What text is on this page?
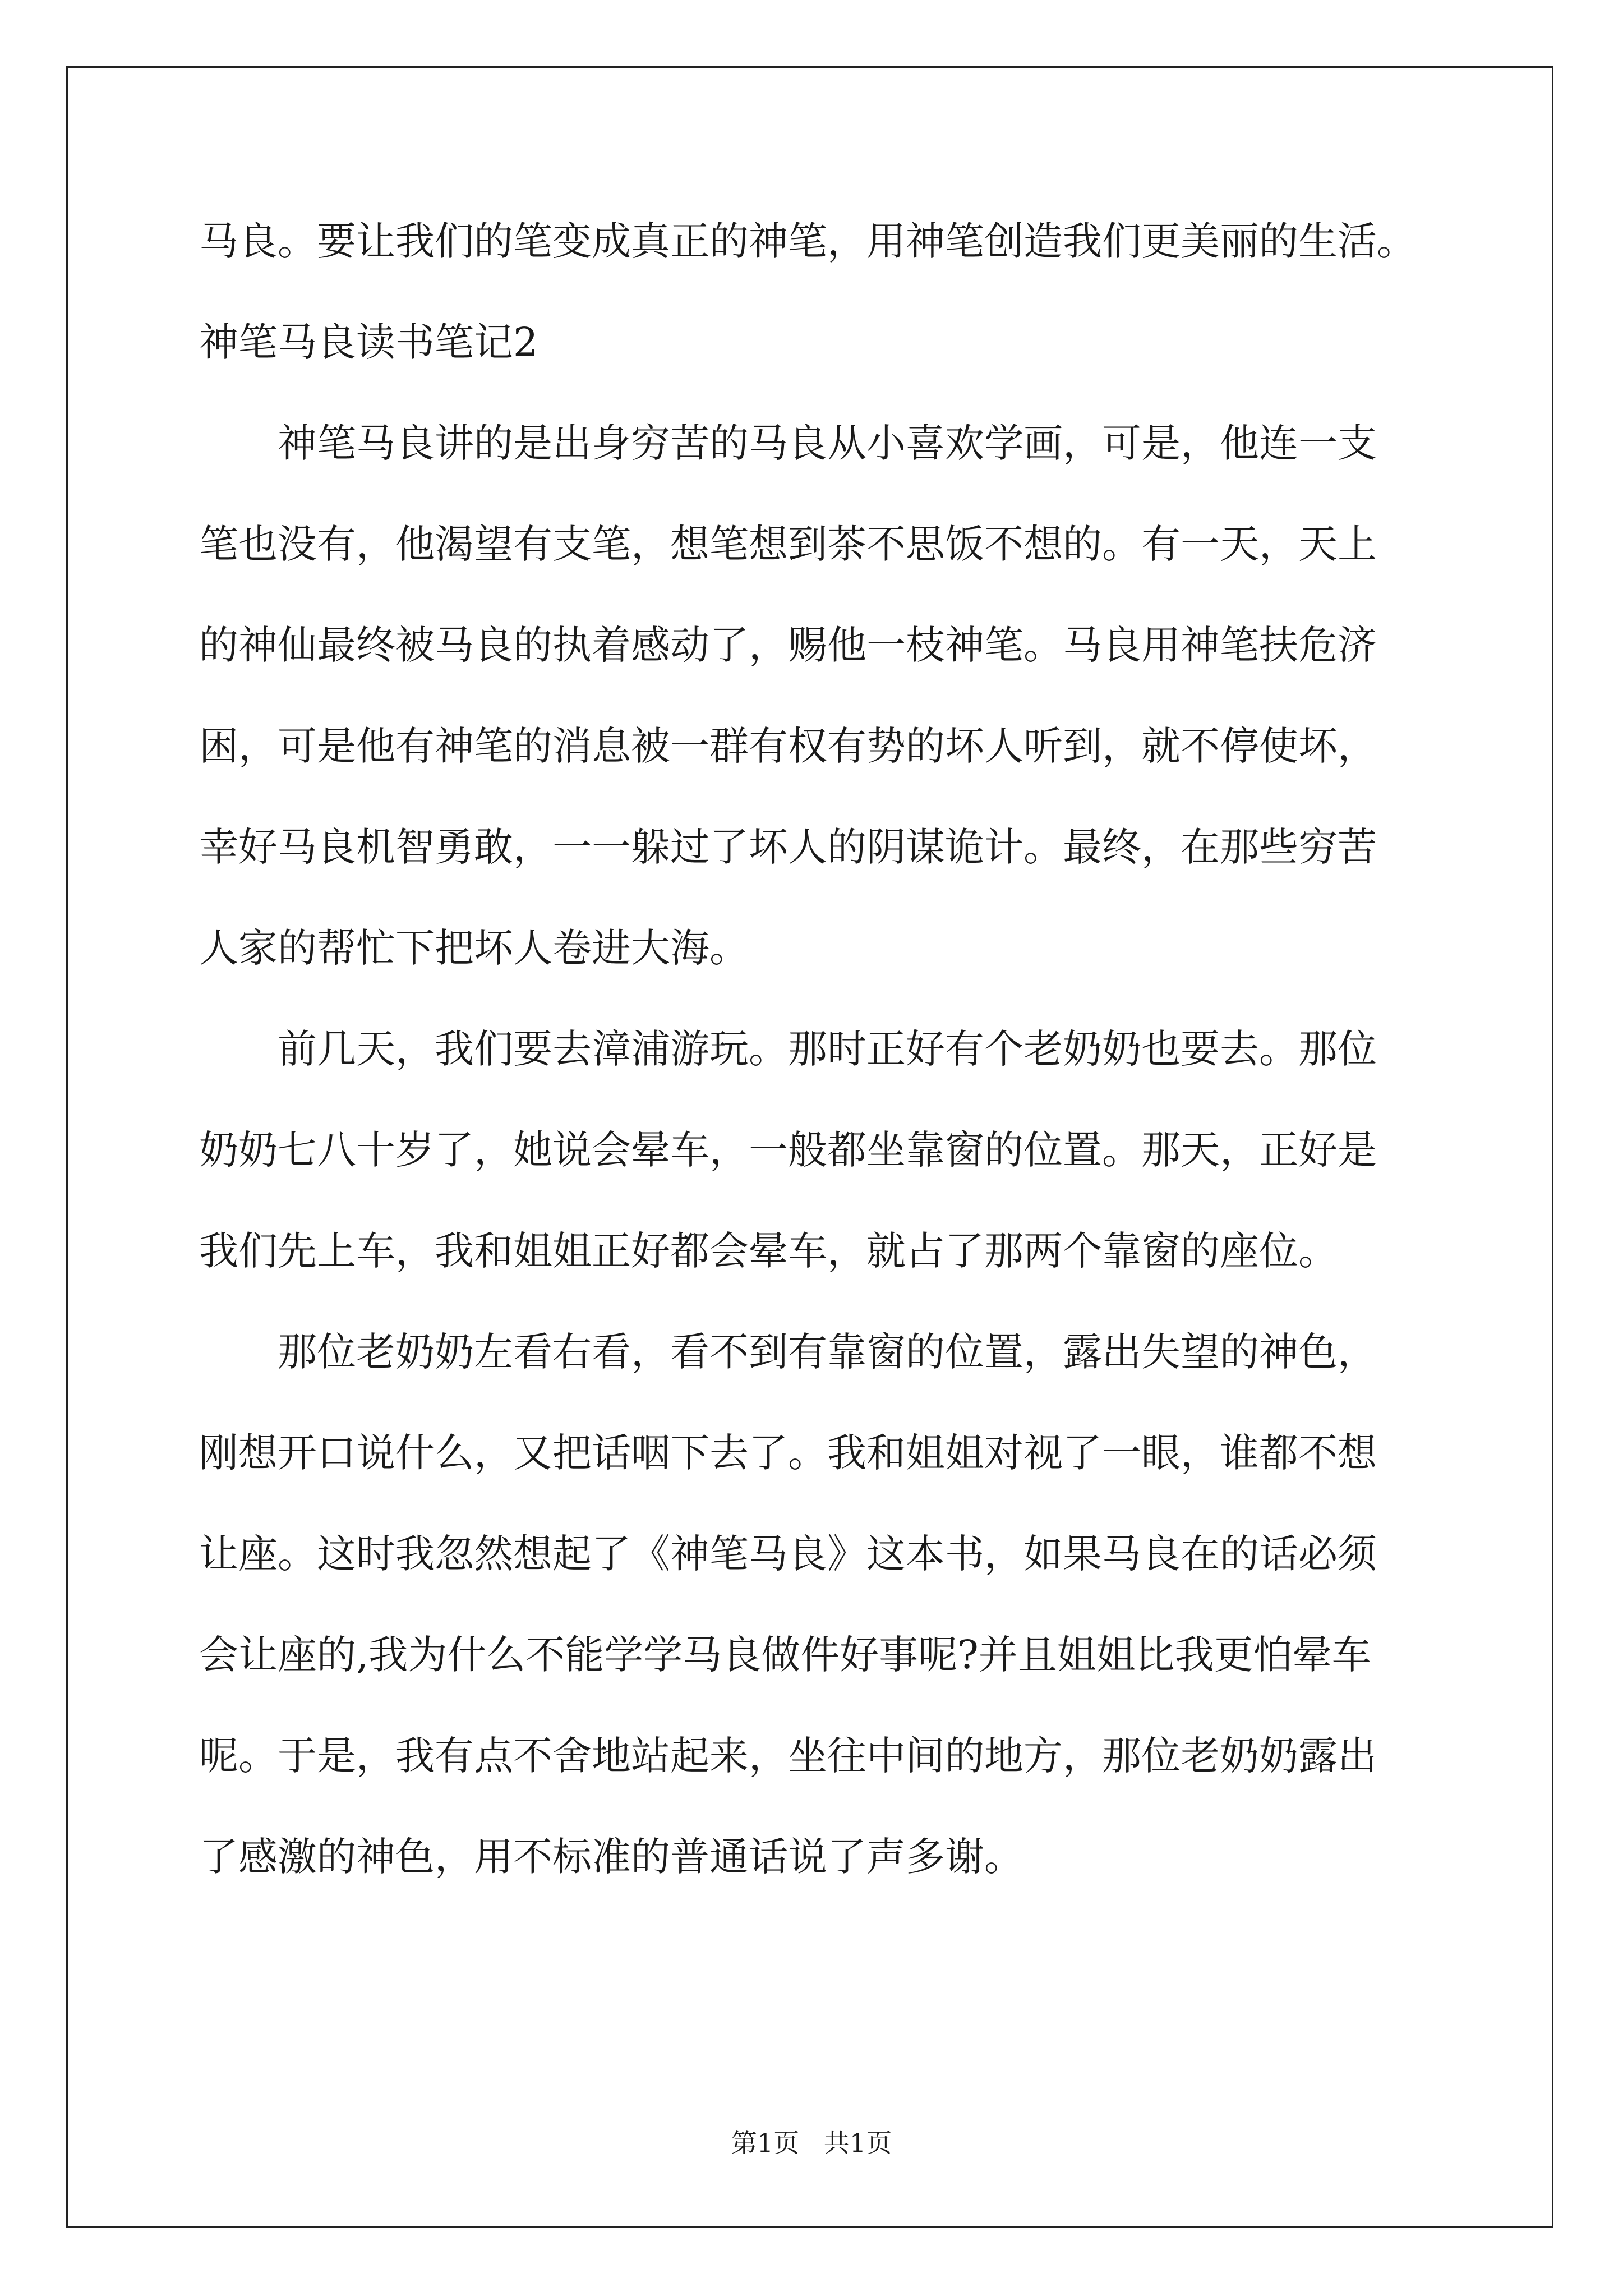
马良。要让我们的笔变成真正的神笔，用神笔创造我们更美丽的生活。
神笔马良读书笔记2
神笔马良讲的是出身穷苦的马良从小喜欢学画，可是，他连一支
笔也没有，他渴望有支笔，想笔想到茶不思饭不想的。有一天，天上
的神仙最终被马良的执着感动了，赐他一枝神笔。马良用神笔扶危济
困，可是他有神笔的消息被一群有权有势的坏人听到，就不停使坏，
幸好马良机智勇敢，一一躲过了坏人的阴谋诡计。最终，在那些穷苦
人家的帮忙下把坏人卷进大海。
前几天，我们要去漳浦游玩。那时正好有个老奶奶也要去。那位
奶奶七八十岁了，她说会晕车，一般都坐靠窗的位置。那天，正好是
我们先上车，我和姐姐正好都会晕车，就占了那两个靠窗的座位。
那位老奶奶左看右看，看不到有靠窗的位置，露出失望的神色，
刚想开口说什么，又把话咽下去了。我和姐姐对视了一眼，谁都不想
让座。这时我忽然想起了《神笔马良》这本书，如果马良在的话必须
会让座的,我为什么不能学学马良做件好事呢?并且姐姐比我更怕晕车
呢。于是，我有点不舍地站起来，坐往中间的地方，那位老奶奶露出
了感激的神色，用不标准的普通话说了声多谢。
第1页   共1页
